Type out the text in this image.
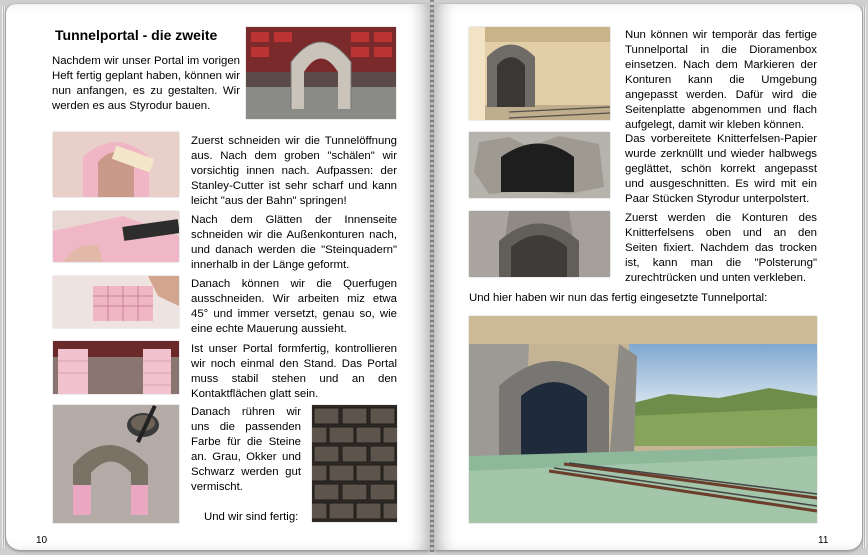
Tunnelportal - die zweite
Nachdem wir unser Portal im vorigen Heft fertig geplant haben, können wir nun anfangen, es zu gestalten. Wir werden es aus Styrodur bauen.
Zuerst schneiden wir die Tunnelöffnung aus. Nach dem groben "schälen" wir vorsichtig innen nach. Aufpassen: der Stanley-Cutter ist sehr scharf und kann leicht "aus der Bahn" springen!
Nach dem Glätten der Innenseite schneiden wir die Außenkonturen nach, und danach werden die "Steinquadern" innerhalb in der Länge geformt.
Danach können wir die Querfugen ausschneiden. Wir arbeiten miz etwa 45° und immer versetzt, genau so, wie eine echte Mauerung aussieht.
Ist unser Portal formfertig, kontrollieren wir noch einmal den Stand. Das Portal muss stabil stehen und an den Kontaktflächen glatt sein.
Danach rühren wir uns die passenden Farbe für die Steine an. Grau, Okker und Schwarz werden gut vermischt.
Und wir sind fertig:
10
Nun können wir temporär das fertige Tunnelportal in die Dioramenbox einsetzen. Nach dem Markieren der Konturen kann die Umgebung angepasst werden. Dafür wird die Seitenplatte abgenommen und flach aufgelegt, damit wir kleben können.
Das vorbereitete Knitterfelsen-Papier wurde zerknüllt und wieder halbwegs geglättet, schön korrekt angepasst und ausgeschnitten. Es wird mit ein Paar Stücken Styrodur unterpolstert.
Zuerst werden die Konturen des Knitterfelsens oben und an den Seiten fixiert. Nachdem das trocken ist, kann man die "Polsterung" zurechtrücken und unten verkleben.
Und hier haben wir nun das fertig eingesetzte Tunnelportal:
11
